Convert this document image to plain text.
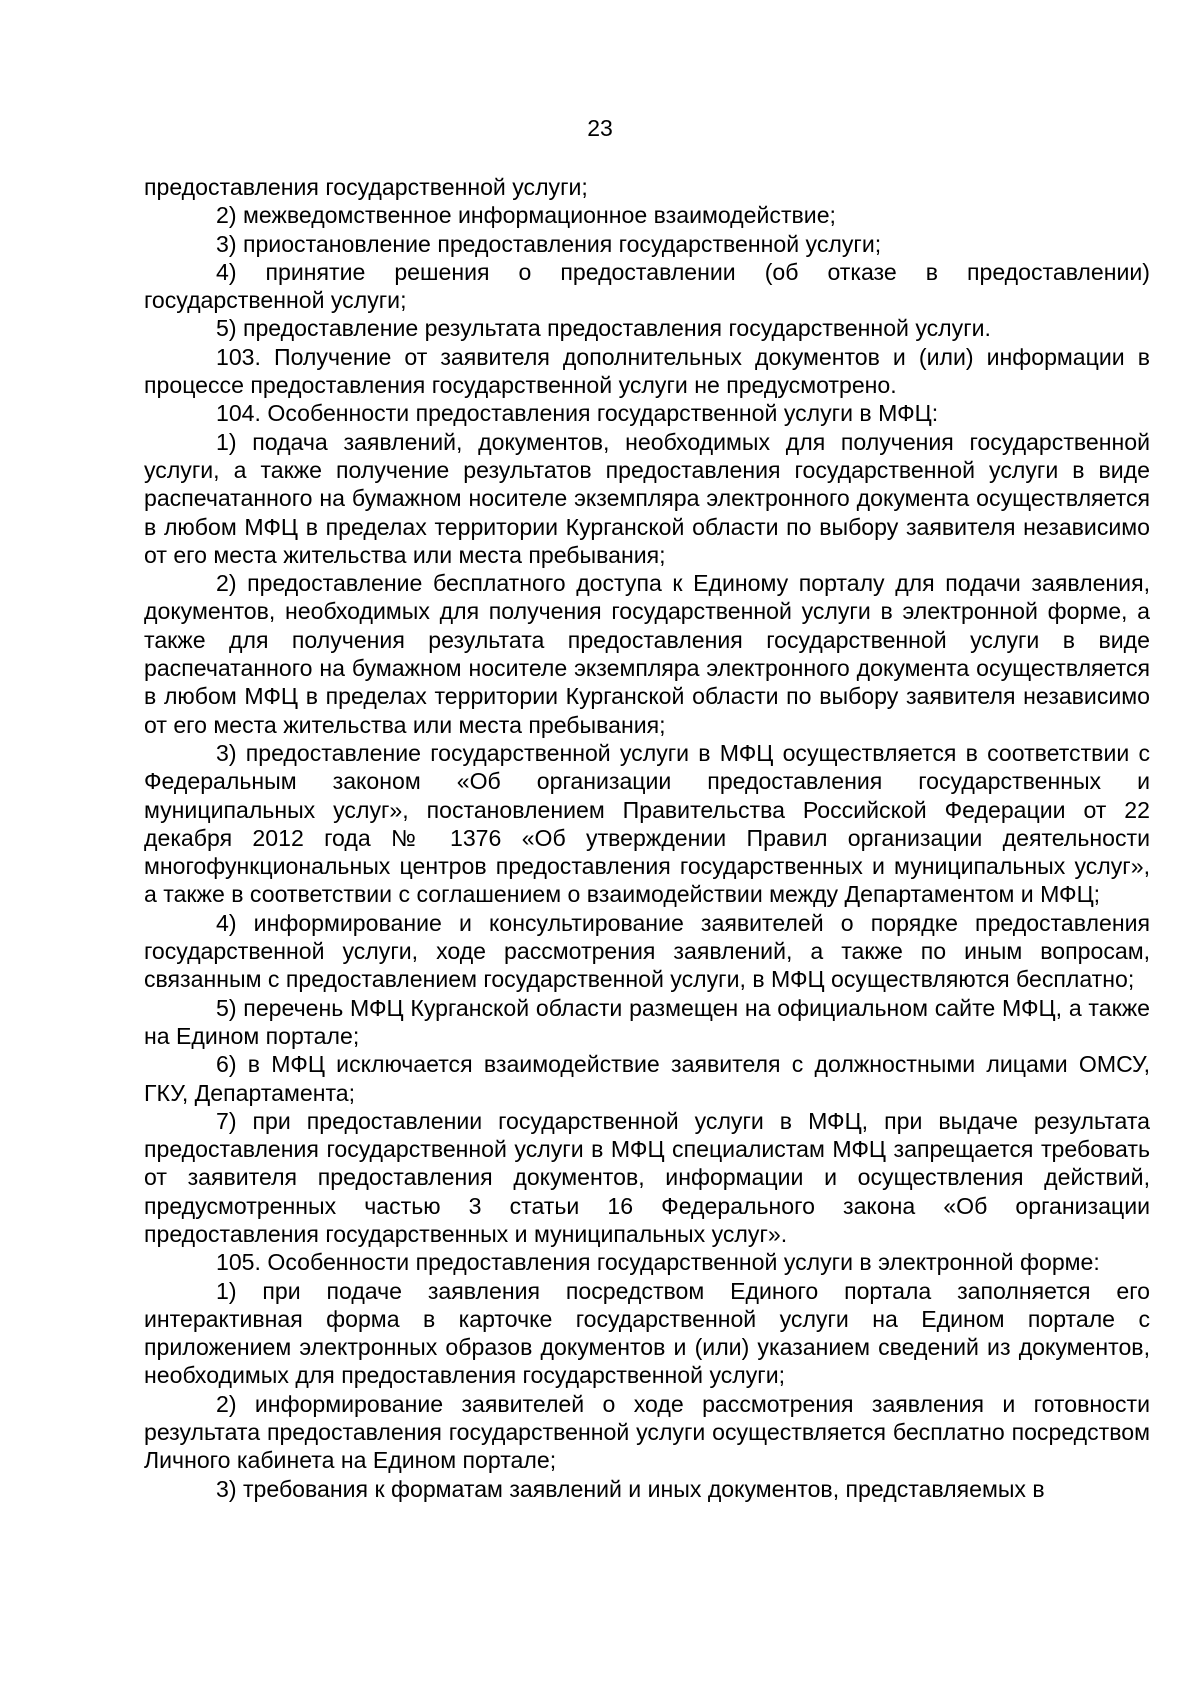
23

предоставления государственной услуги;

2) межведомственное информационное взаимодействие;

3) приостановление предоставления государственной услуги;

4) принятие решения о предоставлении (об отказе в предоставлении) государственной услуги;

5) предоставление результата предоставления государственной услуги.

103. Получение от заявителя дополнительных документов и (или) информации в процессе предоставления государственной услуги не предусмотрено.

104. Особенности предоставления государственной услуги в МФЦ:

1) подача заявлений, документов, необходимых для получения государственной услуги, а также получение результатов предоставления государственной услуги в виде распечатанного на бумажном носителе экземпляра электронного документа осуществляется в любом МФЦ в пределах территории Курганской области по выбору заявителя независимо от его места жительства или места пребывания;

2) предоставление бесплатного доступа к Единому порталу для подачи заявления, документов, необходимых для получения государственной услуги в электронной форме, а также для получения результата предоставления государственной услуги в виде распечатанного на бумажном носителе экземпляра электронного документа осуществляется в любом МФЦ в пределах территории Курганской области по выбору заявителя независимо от его места жительства или места пребывания;

3) предоставление государственной услуги в МФЦ осуществляется в соответствии с Федеральным законом «Об организации предоставления государственных и муниципальных услуг», постановлением Правительства Российской Федерации от 22 декабря 2012 года № 1376 «Об утверждении Правил организации деятельности многофункциональных центров предоставления государственных и муниципальных услуг», а также в соответствии с соглашением о взаимодействии между Департаментом и МФЦ;

4) информирование и консультирование заявителей о порядке предоставления государственной услуги, ходе рассмотрения заявлений, а также по иным вопросам, связанным с предоставлением государственной услуги, в МФЦ осуществляются бесплатно;

5) перечень МФЦ Курганской области размещен на официальном сайте МФЦ, а также на Едином портале;

6) в МФЦ исключается взаимодействие заявителя с должностными лицами ОМСУ, ГКУ, Департамента;

7) при предоставлении государственной услуги в МФЦ, при выдаче результата предоставления государственной услуги в МФЦ специалистам МФЦ запрещается требовать от заявителя предоставления документов, информации и осуществления действий, предусмотренных частью 3 статьи 16 Федерального закона «Об организации предоставления государственных и муниципальных услуг».

105. Особенности предоставления государственной услуги в электронной форме:

1) при подаче заявления посредством Единого портала заполняется его интерактивная форма в карточке государственной услуги на Едином портале с приложением электронных образов документов и (или) указанием сведений из документов, необходимых для предоставления государственной услуги;

2) информирование заявителей о ходе рассмотрения заявления и готовности результата предоставления государственной услуги осуществляется бесплатно посредством Личного кабинета на Едином портале;

3) требования к форматам заявлений и иных документов, представляемых в
